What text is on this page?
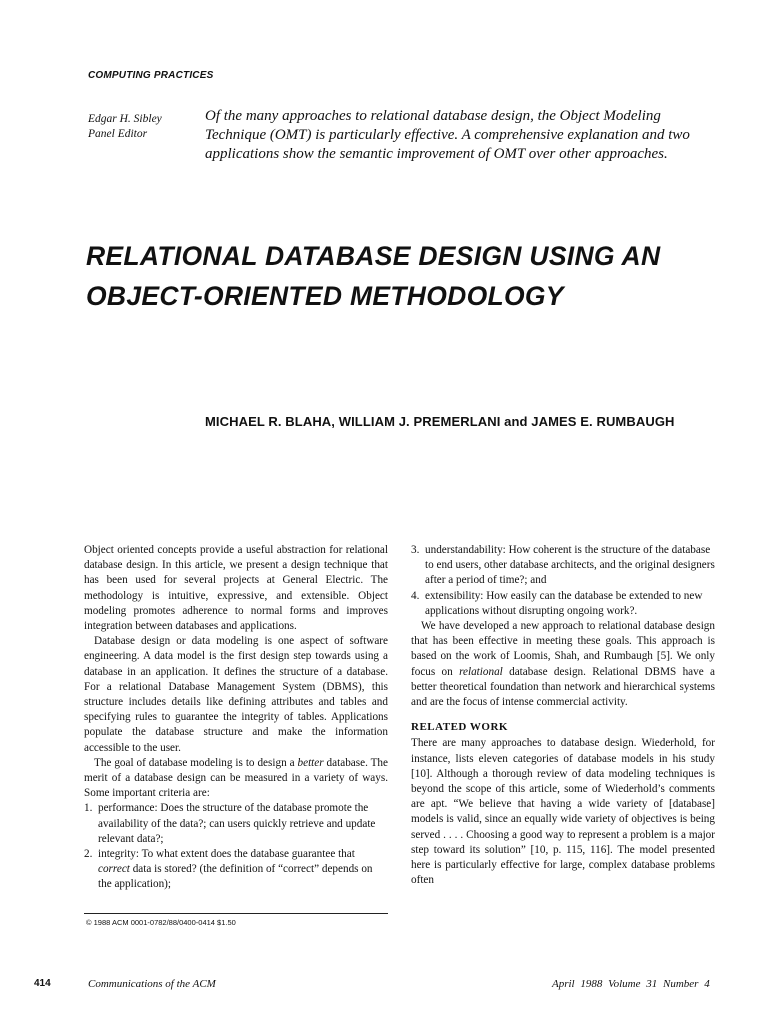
COMPUTING PRACTICES
Edgar H. Sibley
Panel Editor
Of the many approaches to relational database design, the Object Modeling Technique (OMT) is particularly effective. A comprehensive explanation and two applications show the semantic improvement of OMT over other approaches.
RELATIONAL DATABASE DESIGN USING AN
OBJECT-ORIENTED METHODOLOGY
MICHAEL R. BLAHA, WILLIAM J. PREMERLANI and JAMES E. RUMBAUGH

Object oriented concepts provide a useful abstraction for relational database design. In this article, we present a design technique that has been used for several projects at General Electric. The methodology is intuitive, expressive, and extensible. Object modeling promotes adherence to normal forms and improves integration between databases and applications.

Database design or data modeling is one aspect of software engineering. A data model is the first design step towards using a database in an application. It defines the structure of a database. For a relational Database Management System (DBMS), this structure includes details like defining attributes and tables and specifying rules to guarantee the integrity of tables. Applications populate the database structure and make the information accessible to the user.

The goal of database modeling is to design a better database. The merit of a database design can be measured in a variety of ways. Some important criteria are:

1. performance: Does the structure of the database promote the availability of the data?; can users quickly retrieve and update relevant data?;
2. integrity: To what extent does the database guarantee that correct data is stored? (the definition of “correct” depends on the application);
© 1988 ACM 0001-0782/88/0400-0414 $1.50
3. understandability: How coherent is the structure of the database to end users, other database architects, and the original designers after a period of time?; and
4. extensibility: How easily can the database be extended to new applications without disrupting ongoing work?.

We have developed a new approach to relational database design that has been effective in meeting these goals. This approach is based on the work of Loomis, Shah, and Rumbaugh [5]. We only focus on relational database design. Relational DBMS have a better theoretical foundation than network and hierarchical systems and are the focus of intense commercial activity.

RELATED WORK

There are many approaches to database design. Wiederhold, for instance, lists eleven categories of database models in his study [10]. Although a thorough review of data modeling techniques is beyond the scope of this article, some of Wiederhold’s comments are apt. “We believe that having a wide variety of [database] models is valid, since an equally wide variety of objectives is being served . . . . Choosing a good way to represent a problem is a major step toward its solution” [10, p. 115, 116]. The model presented here is particularly effective for large, complex database problems often

414	Communications of the ACM	April 1988 Volume 31 Number 4
